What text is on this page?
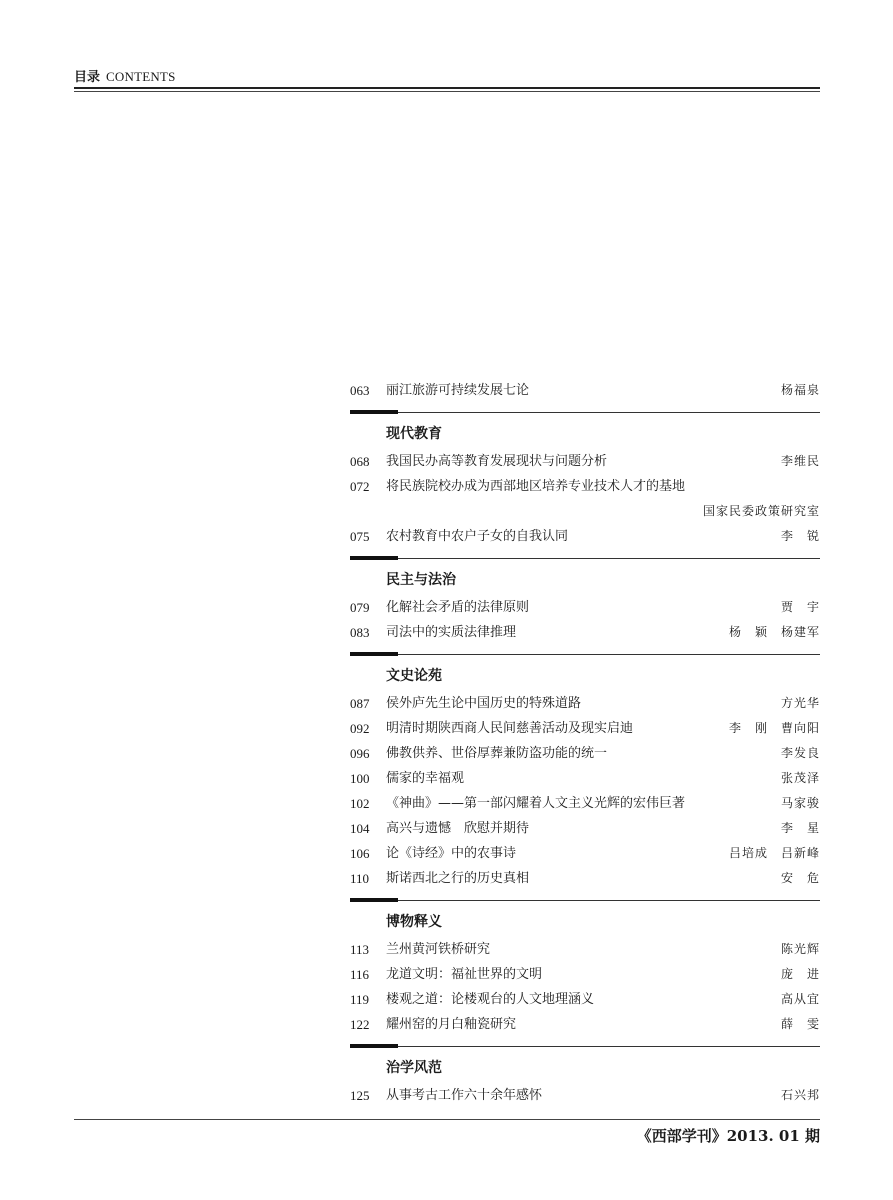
目录 CONTENTS
063	丽江旅游可持续发展七论	杨福泉
现代教育
068	我国民办高等教育发展现状与问题分析	李维民
072	将民族院校办成为西部地区培养专业技术人才的基地
国家民委政策研究室
075	农村教育中农户子女的自我认同	李　锐
民主与法治
079	化解社会矛盾的法律原则	贾　宇
083	司法中的实质法律推理	杨　颖　杨建军
文史论苑
087	侯外庐先生论中国历史的特殊道路	方光华
092	明清时期陕西商人民间慈善活动及现实启迪	李　刚　曹向阳
096	佛教供养、世俗厚葬兼防盗功能的统一	李发良
100	儒家的幸福观	张茂泽
102	《神曲》——第一部闪耀着人文主义光辉的宏伟巨著	马家骏
104	高兴与遗憾　欣慰并期待	李　星
106	论《诗经》中的农事诗	吕培成　吕新峰
110	斯诺西北之行的历史真相	安　危
博物释义
113	兰州黄河铁桥研究	陈光辉
116	龙道文明：福祉世界的文明	庞　进
119	楼观之道：论楼观台的人文地理涵义	高从宜
122	耀州窑的月白釉瓷研究	薛　雯
治学风范
125	从事考古工作六十余年感怀	石兴邦
《西部学刊》2013. 01 期
